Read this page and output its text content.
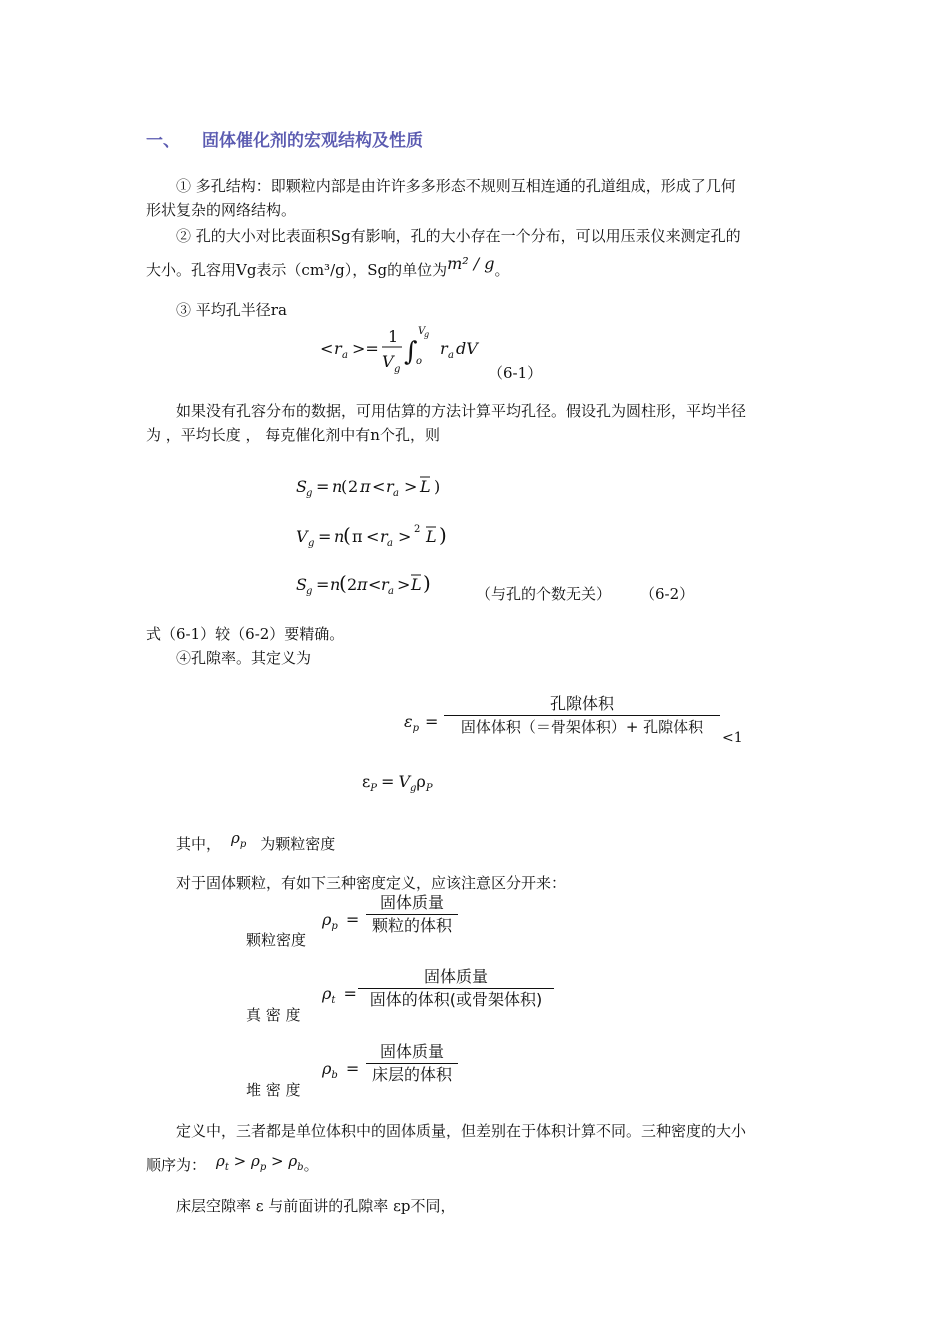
一、 固体催化剂的宏观结构及性质
① 多孔结构：即颗粒内部是由许许多多形态不规则互相连通的孔道组成，形成了几何
形状复杂的网络结构。
② 孔的大小对比表面积Sg有影响，孔的大小存在一个分布，可以用压汞仪来测定孔的
大小。孔容用Vg表示（cm³/g），Sg的单位为m² / g。
③ 平均孔半径ra
< r a >=
1
V g
∫
V
g
o
r a dV
（6-1）
如果没有孔容分布的数据，可用估算的方法计算平均孔径。假设孔为圆柱形，平均半径
为 ，平均长度 ， 每克催化剂中有n个孔，则
S g = n
( 2 π < r a > L )
V g = n
( π < r a > 2 L )
S g = n
( 2 π < r a > L )	（与孔的个数无关） （6-2）
式（6-1）较（6-2）要精确。
④孔隙率。其定义为
$\varepsilon_p$ =
孔隙体积
固体体积（＝骨架体积）+ 孔隙体积
<1
$\varepsilon_P = V_g\rho_P$
其中， $\rho_p$ 为颗粒密度
对于固体颗粒，有如下三种密度定义，应该注意区分开来：
颗粒密度
$\rho_p$ =
固体质量
颗粒的体积
真 密 度
$\rho_t$ =
固体质量
固体的体积(或骨架体积)
堆 密 度
$\rho_b$ =
固体质量
床层的体积
定义中，三者都是单位体积中的固体质量，但差别在于体积计算不同。三种密度的大小
顺序为： $\rho_t > \rho_p > \rho_b$。
床层空隙率 ε 与前面讲的孔隙率 εp不同，
